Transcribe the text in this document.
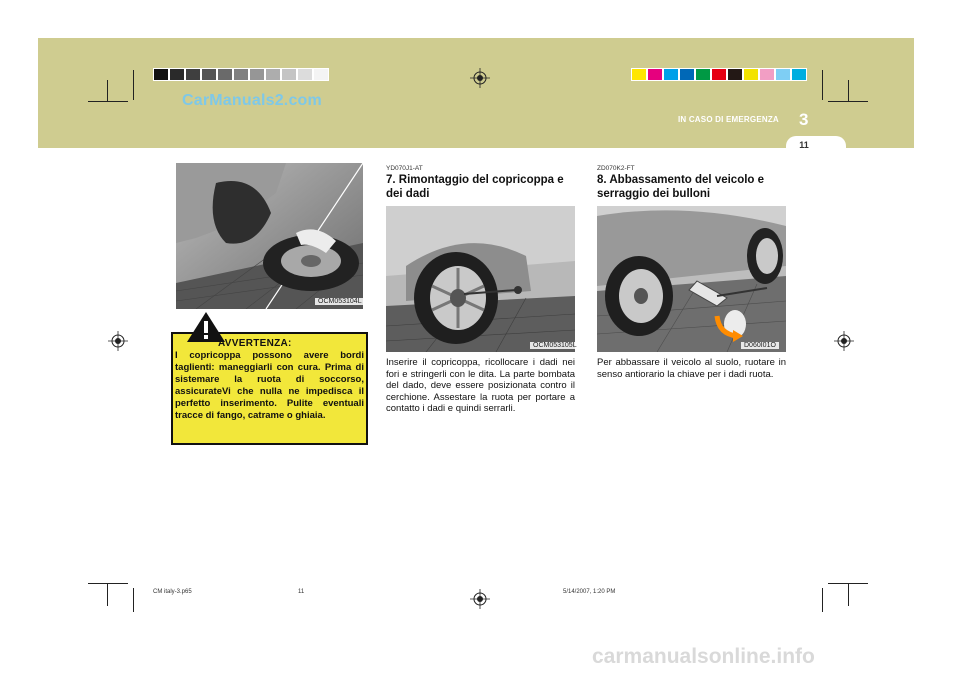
CarManuals2.com
IN CASO DI EMERGENZA 3
11
OCM053104L
AVVERTENZA:
I copricoppa possono avere bordi taglienti: maneggiarli con cura. Prima di sistemare la ruota di soccorso, assicurateVi che nulla ne impedisca il perfetto inserimento. Pulite eventuali tracce di fango, catrame o ghiaia.
YD070J1-AT
7. Rimontaggio del copricoppa e dei dadi
OCM053105L
Inserire il copricoppa, ricollocare i dadi nei fori e stringerli con le dita. La parte bombata del dado, deve essere posizionata contro il cerchione. Assestare la ruota per portare a contatto i dadi e quindi serrarli.
ZD070K2-FT
8. Abbassamento del veicolo e serraggio dei bulloni
D060I01O
Per abbassare il veicolo al suolo, ruotare in senso antiorario la chiave per i dadi ruota.
CM italy-3.p65	11	5/14/2007, 1:20 PM
carmanualsonline.info
